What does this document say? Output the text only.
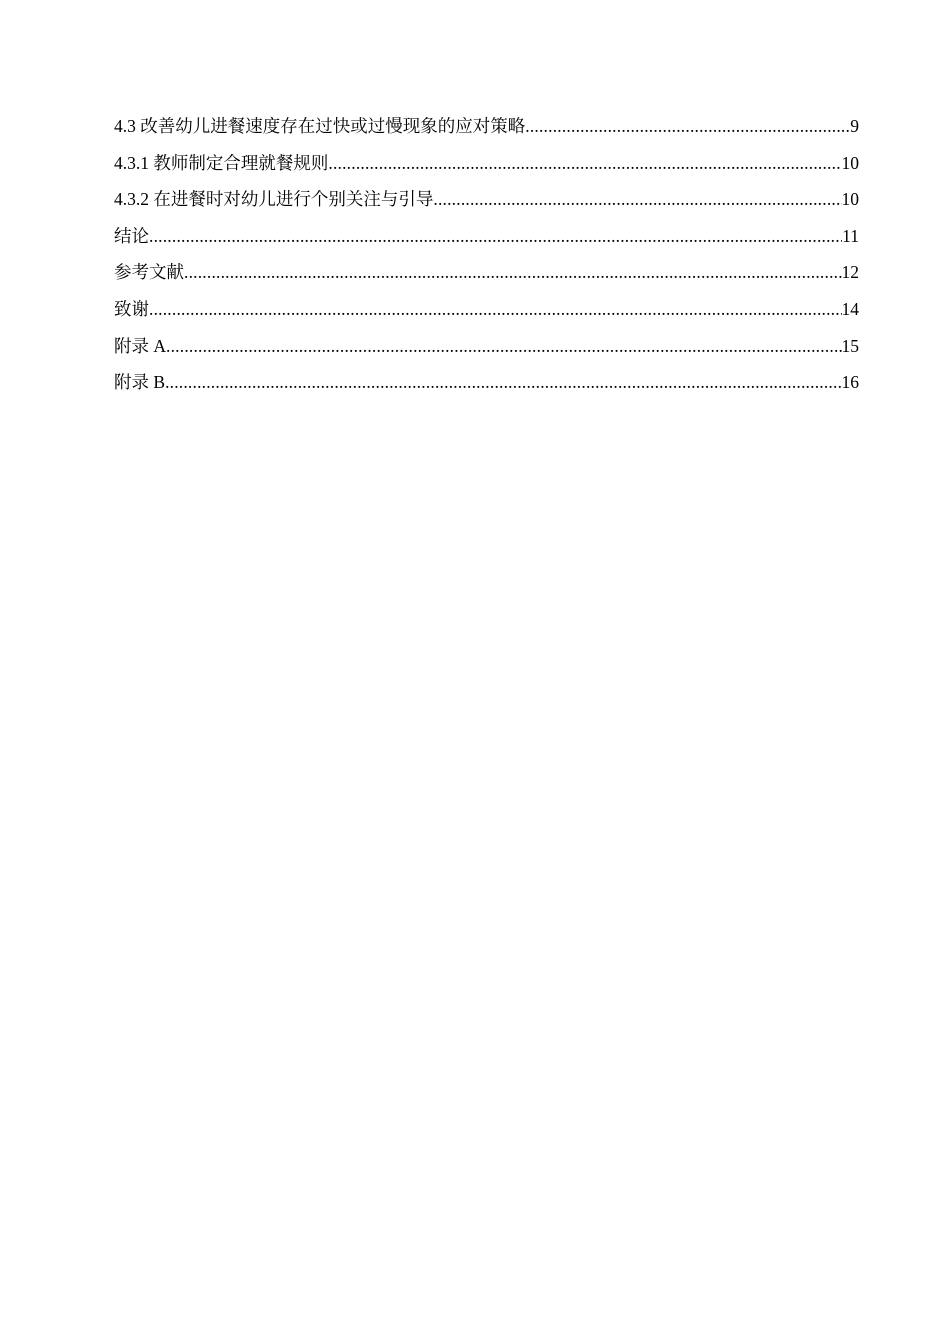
4.3 改善幼儿进餐速度存在过快或过慢现象的应对策略 .....	9
4.3.1 教师制定合理就餐规则 .....	10
4.3.2 在进餐时对幼儿进行个别关注与引导 .....	10
结论 .....	11
参考文献 .....	12
致谢 .....	14
附录 A .....	15
附录 B .....	16
